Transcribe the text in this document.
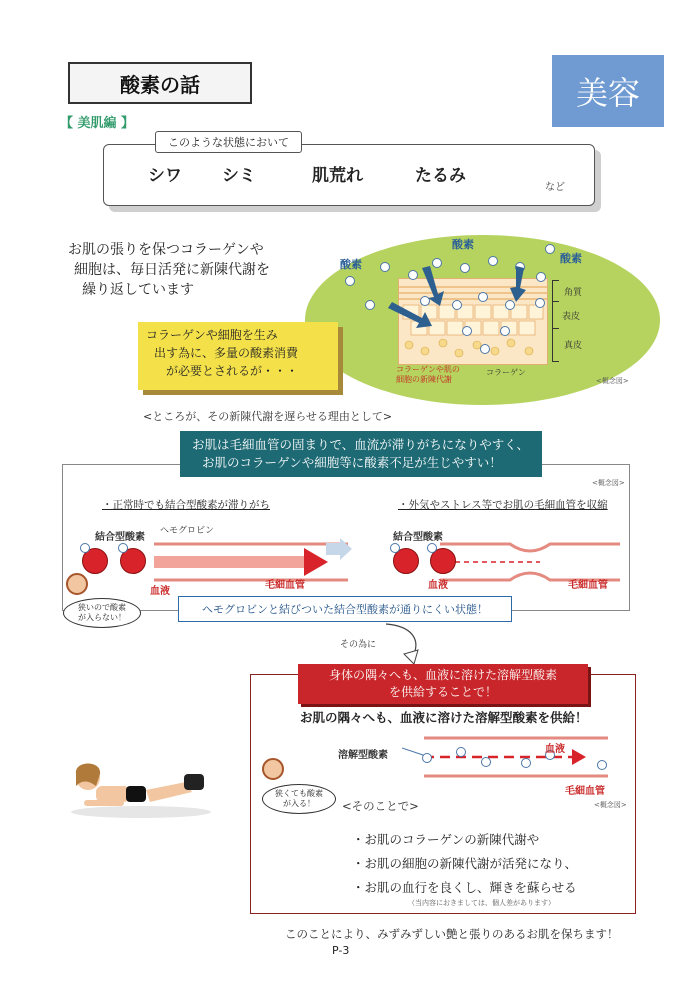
酸素の話	美容
【 美肌編 】
このような状態において
シワ シミ	肌荒れ	たるみ
など
お肌の張りを保つコラーゲンや
細胞は、毎日活発に新陳代謝を
繰り返しています
酸素
酸素
酸素
角質
表皮
真皮
コラーゲンや肌の
細胞の新陳代謝
コラーゲン
<概念図>
コラーゲンや細胞を生み
出す為に、多量の酸素消費
が必要とされるが・・・
<ところが、その新陳代謝を遅らせる理由として>
お肌は毛細血管の固まりで、血流が滞りがちになりやすく、
お肌のコラーゲンや細胞等に酸素不足が生じやすい！
<概念図>
・正常時でも結合型酸素が滞りがち	・外気やストレス等でお肌の毛細血管を収縮
結合型酸素
ヘモグロビン
血液
毛細血管
結合型酸素
血液	毛細血管
狭いので酸素
が入らない！
ヘモグロビンと結びついた結合型酸素が通りにくい状態！
その為に
身体の隅々へも、血液に溶けた溶解型酸素
を供給することで！
お肌の隅々へも、血液に溶けた溶解型酸素を供給！
溶解型酸素
血液
毛細血管
<概念図>
狭くても酸素
が入る！	<そのことで>
・お肌のコラーゲンの新陳代謝や
・お肌の細胞の新陳代謝が活発になり、
・お肌の血行を良くし、輝きを蘇らせる
（当内容におきましては、個人差があります）
このことにより、みずみずしい艶と張りのあるお肌を保ちます！
P-3
